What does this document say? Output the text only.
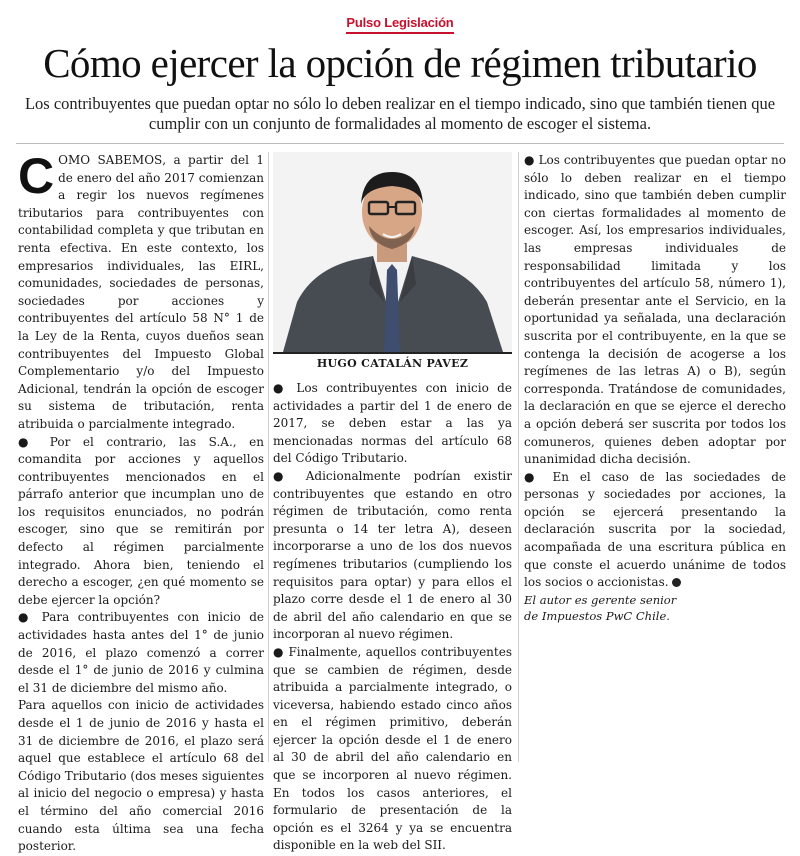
Pulso Legislación
Cómo ejercer la opción de régimen tributario

Los contribuyentes que puedan optar no sólo lo deben realizar en el tiempo indicado, sino que también tienen que cumplir con un conjunto de formalidades al momento de escoger el sistema.

COMO SABEMOS, a partir del 1 de enero del año 2017 comienzan a regir los nuevos regímenes tributarios para contribuyentes con contabilidad completa y que tributan en renta efectiva. En este contexto, los empresarios individuales, las EIRL, comunidades, sociedades de personas, sociedades por acciones y contribuyentes del artículo 58 N° 1 de la Ley de la Renta, cuyos dueños sean contribuyentes del Impuesto Global Complementario y/o del Impuesto Adicional, tendrán la opción de escoger su sistema de tributación, renta atribuida o parcialmente integrado.

● Por el contrario, las S.A., en comandita por acciones y aquellos contribuyentes mencionados en el párrafo anterior que incumplan uno de los requisitos enunciados, no podrán escoger, sino que se remitirán por defecto al régimen parcialmente integrado. Ahora bien, teniendo el derecho a escoger, ¿en qué momento se debe ejercer la opción?

● Para contribuyentes con inicio de actividades hasta antes del 1° de junio de 2016, el plazo comenzó a correr desde el 1° de junio de 2016 y culmina el 31 de diciembre del mismo año.

Para aquellos con inicio de actividades desde el 1 de junio de 2016 y hasta el 31 de diciembre de 2016, el plazo será aquel que establece el artículo 68 del Código Tributario (dos meses siguientes al inicio del negocio o empresa) y hasta el término del año comercial 2016 cuando esta última sea una fecha posterior.

HUGO CATALÁN PAVEZ

● Los contribuyentes con inicio de actividades a partir del 1 de enero de 2017, se deben estar a las ya mencionadas normas del artículo 68 del Código Tributario.

● Adicionalmente podrían existir contribuyentes que estando en otro régimen de tributación, como renta presunta o 14 ter letra A), deseen incorporarse a uno de los dos nuevos regímenes tributarios (cumpliendo los requisitos para optar) y para ellos el plazo corre desde el 1 de enero al 30 de abril del año calendario en que se incorporan al nuevo régimen.

● Finalmente, aquellos contribuyentes que se cambien de régimen, desde atribuida a parcialmente integrado, o viceversa, habiendo estado cinco años en el régimen primitivo, deberán ejercer la opción desde el 1 de enero al 30 de abril del año calendario en que se incorporen al nuevo régimen. En todos los casos anteriores, el formulario de presentación de la opción es el 3264 y ya se encuentra disponible en la web del SII.

● Los contribuyentes que puedan optar no sólo lo deben realizar en el tiempo indicado, sino que también deben cumplir con ciertas formalidades al momento de escoger. Así, los empresarios individuales, las empresas individuales de responsabilidad limitada y los contribuyentes del artículo 58, número 1), deberán presentar ante el Servicio, en la oportunidad ya señalada, una declaración suscrita por el contribuyente, en la que se contenga la decisión de acogerse a los regímenes de las letras A) o B), según corresponda. Tratándose de comunidades, la declaración en que se ejerce el derecho a opción deberá ser suscrita por todos los comuneros, quienes deben adoptar por unanimidad dicha decisión.

● En el caso de las sociedades de personas y sociedades por acciones, la opción se ejercerá presentando la declaración suscrita por la sociedad, acompañada de una escritura pública en que conste el acuerdo unánime de todos los socios o accionistas.

El autor es gerente senior
de Impuestos PwC Chile.
